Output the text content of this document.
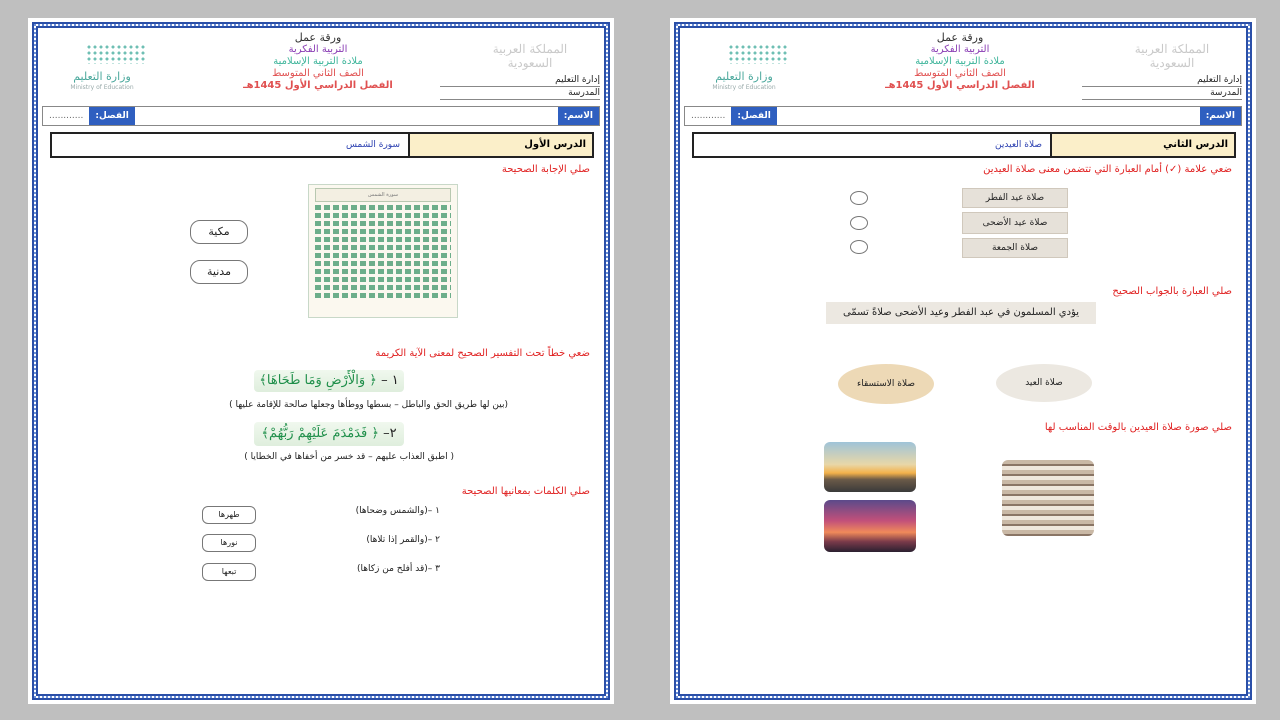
وزارة التعليم
Ministry of Education
ورقة عمل
التربية الفكرية
ملادة التربية الإسلامية
الصف الثاني المتوسط
الفصل الدراسي الأول 1445هـ
المملكة العربية السعودية
إدارة التعليم
المدرسة
الاسم:
الفصل:
............
الدرس الأول
سورة الشمس
صلي الإجابة الصحيحة
سورة الشمس
مكية
مدنية
ضعي خطاً تحت التفسير الصحيح لمعنى الآية الكريمة
١ – ﴿ وَالْأَرْضِ وَمَا طَحَاهَا﴾
(بين لها طريق الحق والباطل – بسطها ووطأها وجعلها صالحة للإقامة عليها )
٢– ﴿ فَدَمْدَمَ عَلَيْهِمْ رَبُّهُمْ﴾
( اطبق العذاب عليهم – قد خسر من أخفاها في الخطايا )
صلي الكلمات بمعانيها الصحيحة
١ –(والشمس وضحاها)
طهرها
٢ –(والقمر إذا تلاها)
نورها
٣ –(قد أفلح من زكاها)
تبعها
وزارة التعليم
Ministry of Education
ورقة عمل
التربية الفكرية
ملادة التربية الإسلامية
الصف الثاني المتوسط
الفصل الدراسي الأول 1445هـ
المملكة العربية السعودية
إدارة التعليم
المدرسة
الاسم:
الفصل:
............
الدرس الثاني
صلاة العيدين
ضعي علامة (✓) أمام العبارة التي تتضمن معنى صلاة العيدين
صلاة عيد الفطر
صلاة عيد الأضحى
صلاة الجمعة
صلي العبارة بالجواب الصحيح
يؤدي المسلمون في عبد الفطر وعيد الأضحى صلاةً تسمّى
صلاة الاستسقاء	صلاة العيد
صلي صورة صلاة العيدين بالوقت المناسب لها
